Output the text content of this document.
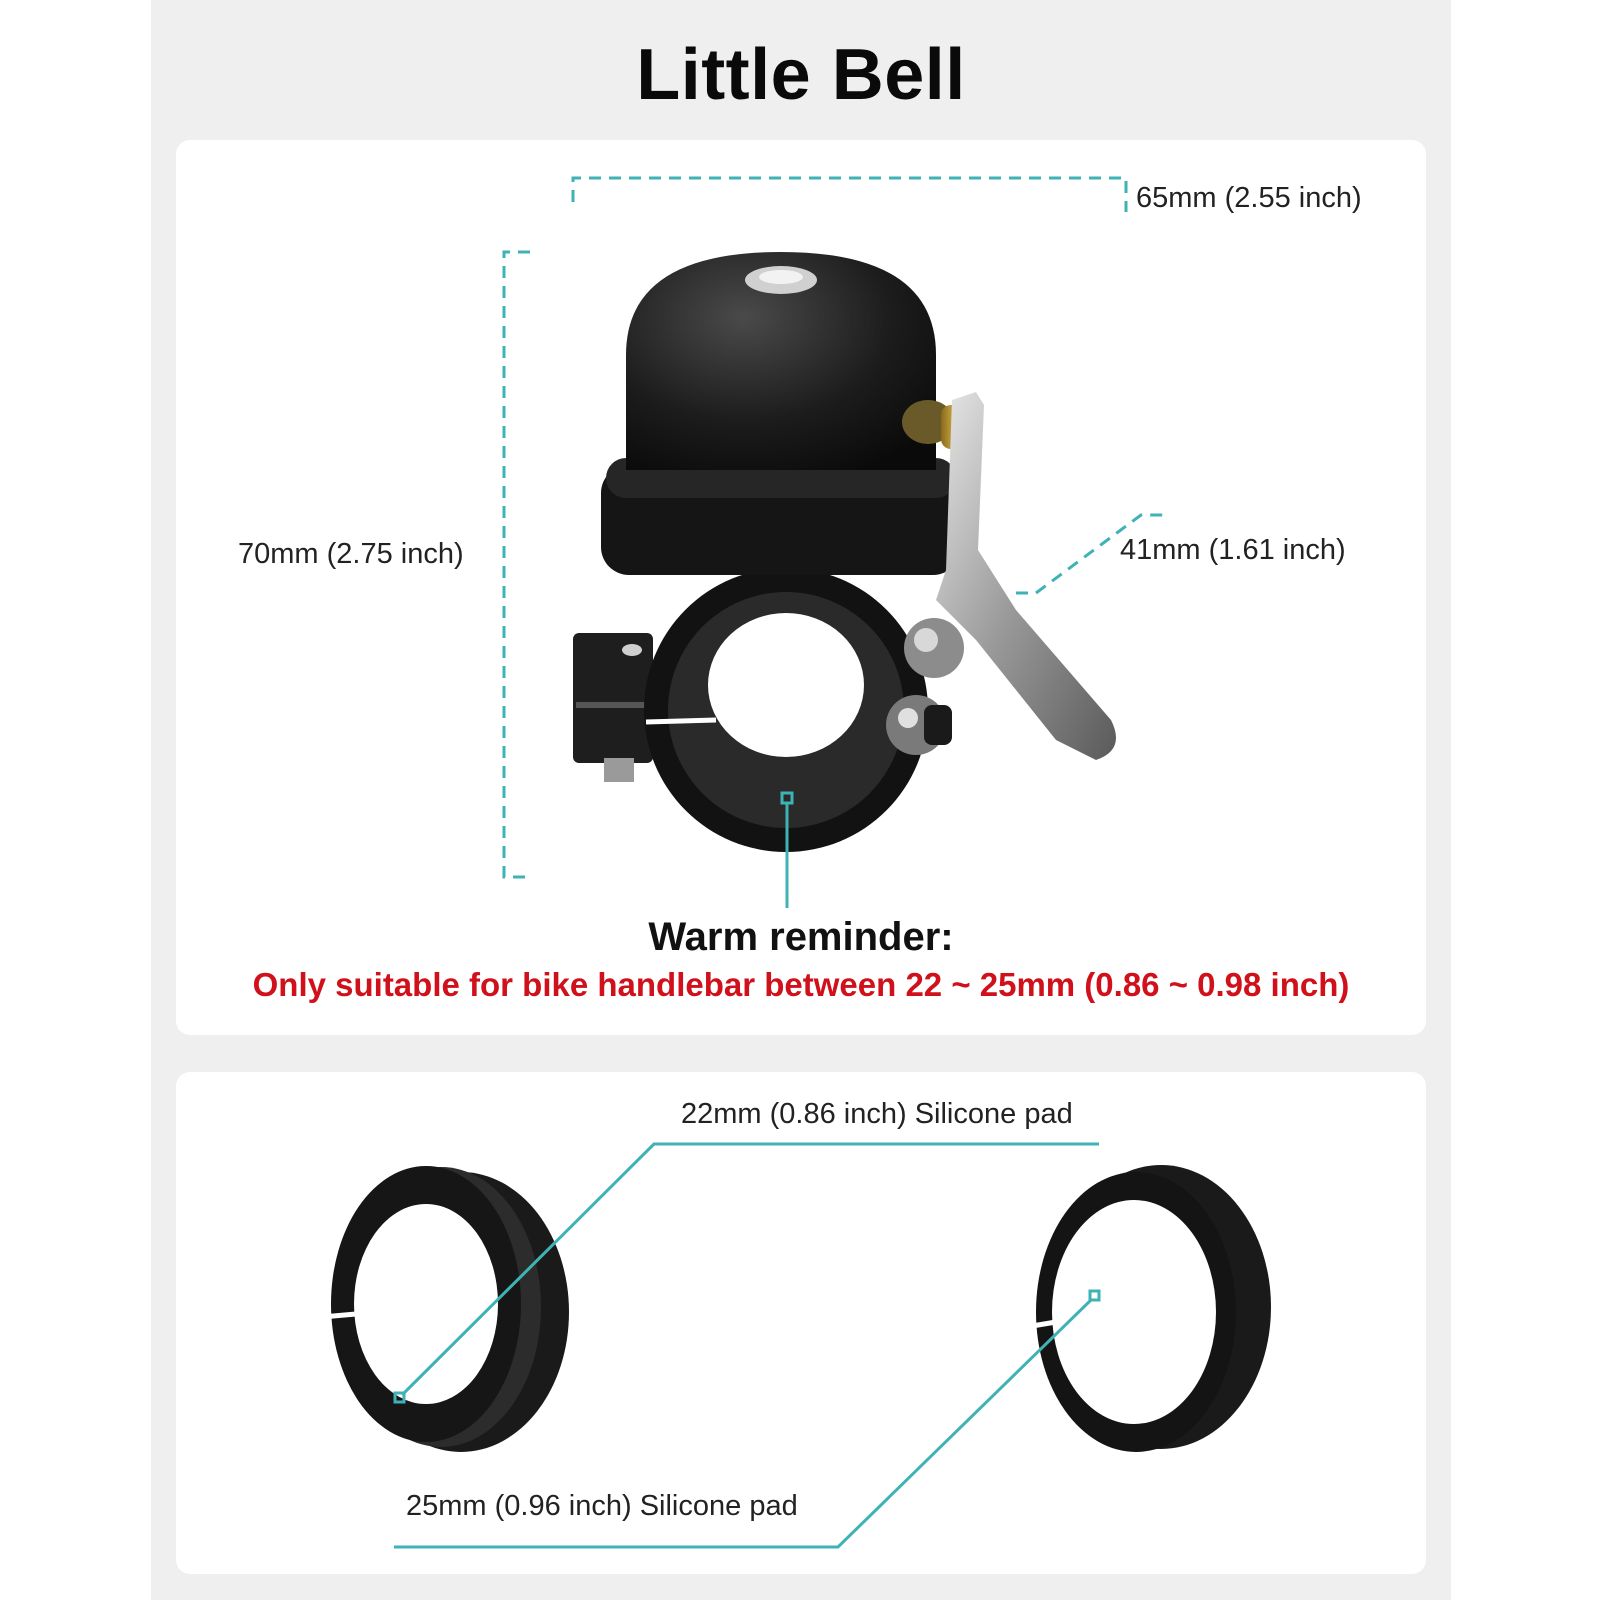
Little Bell
65mm (2.55 inch)
70mm (2.75 inch)	41mm (1.61 inch)
Warm reminder:
Only suitable for bike handlebar between 22 ~ 25mm (0.86 ~ 0.98 inch)
22mm (0.86 inch) Silicone pad
25mm (0.96 inch) Silicone pad
